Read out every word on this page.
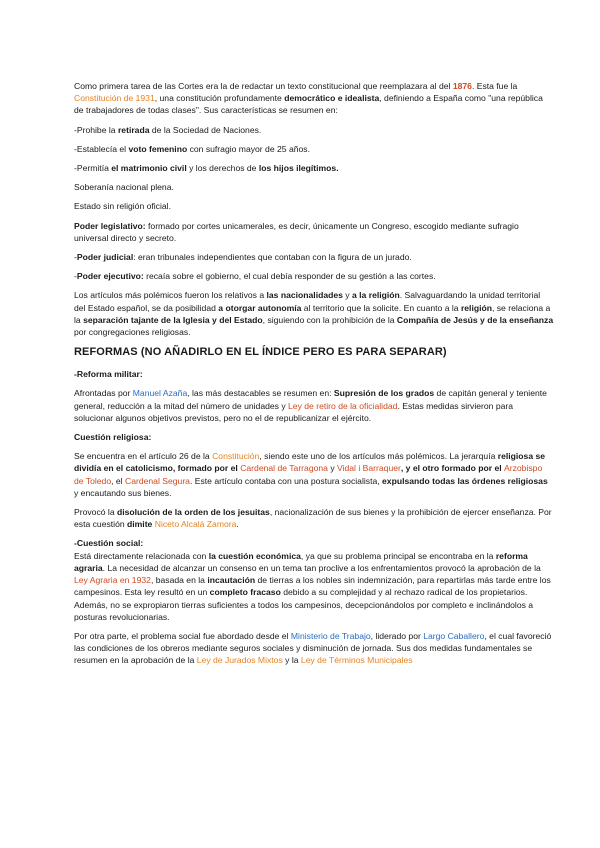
Como primera tarea de las Cortes era la de redactar un texto constitucional que reemplazara al del 1876. Esta fue la Constitución de 1931, una constitución profundamente democrático e idealista, definiendo a España como "una república de trabajadores de todas clases". Sus características se resumen en:

-Prohibe la retirada de la Sociedad de Naciones.

-Establecía el voto femenino con sufragio mayor de 25 años.

-Permitía el matrimonio civil y los derechos de los hijos ilegítimos.

Soberanía nacional plena.

Estado sin religión oficial.

Poder legislativo: formado por cortes unicamerales, es decir, únicamente un Congreso, escogido mediante sufragio universal directo y secreto.

-Poder judicial: eran tribunales independientes que contaban con la figura de un jurado.

-Poder ejecutivo: recaía sobre el gobierno, el cual debía responder de su gestión a las cortes.

Los artículos más polémicos fueron los relativos a las nacionalidades y a la religión. Salvaguardando la unidad territorial del Estado español, se da posibilidad a otorgar autonomía al territorio que la solicite. En cuanto a la religión, se relaciona a la separación tajante de la Iglesia y del Estado, siguiendo con la prohibición de la Compañía de Jesús y de la enseñanza por congregaciones religiosas.

REFORMAS (NO AÑADIRLO EN EL ÍNDICE PERO ES PARA SEPARAR)

-Reforma militar:

Afrontadas por Manuel Azaña, las más destacables se resumen en: Supresión de los grados de capitán general y teniente general, reducción a la mitad del número de unidades y Ley de retiro de la oficialidad. Estas medidas sirvieron para solucionar algunos objetivos previstos, pero no el de republicanizar el ejército.

Cuestión religiosa:

Se encuentra en el artículo 26 de la Constitución, siendo este uno de los artículos más polémicos. La jerarquía religiosa se dividía en el catolicismo, formado por el Cardenal de Tarragona y Vidal i Barraquer, y el otro formado por el Arzobispo de Toledo, el Cardenal Segura. Este artículo contaba con una postura socialista, expulsando todas las órdenes religiosas y encautando sus bienes.

Provocó la disolución de la orden de los jesuitas, nacionalización de sus bienes y la prohibición de ejercer enseñanza. Por esta cuestión dimite Niceto Alcalá Zamora.

-Cuestión social:

Está directamente relacionada con la cuestión económica, ya que su problema principal se encontraba en la reforma agraria. La necesidad de alcanzar un consenso en un tema tan proclive a los enfrentamientos provocó la aprobación de la Ley Agraria en 1932, basada en la incautación de tierras a los nobles sin indemnización, para repartirlas más tarde entre los campesinos. Esta ley resultó en un completo fracaso debido a su complejidad y al rechazo radical de los propietarios. Además, no se expropiaron tierras suficientes a todos los campesinos, decepcionándolos por completo e inclinándolos a posturas revolucionarias.

Por otra parte, el problema social fue abordado desde el Ministerio de Trabajo, liderado por Largo Caballero, el cual favoreció las condiciones de los obreros mediante seguros sociales y disminución de jornada. Sus dos medidas fundamentales se resumen en la aprobación de la Ley de Jurados Mixtos y la Ley de Términos Municipales
